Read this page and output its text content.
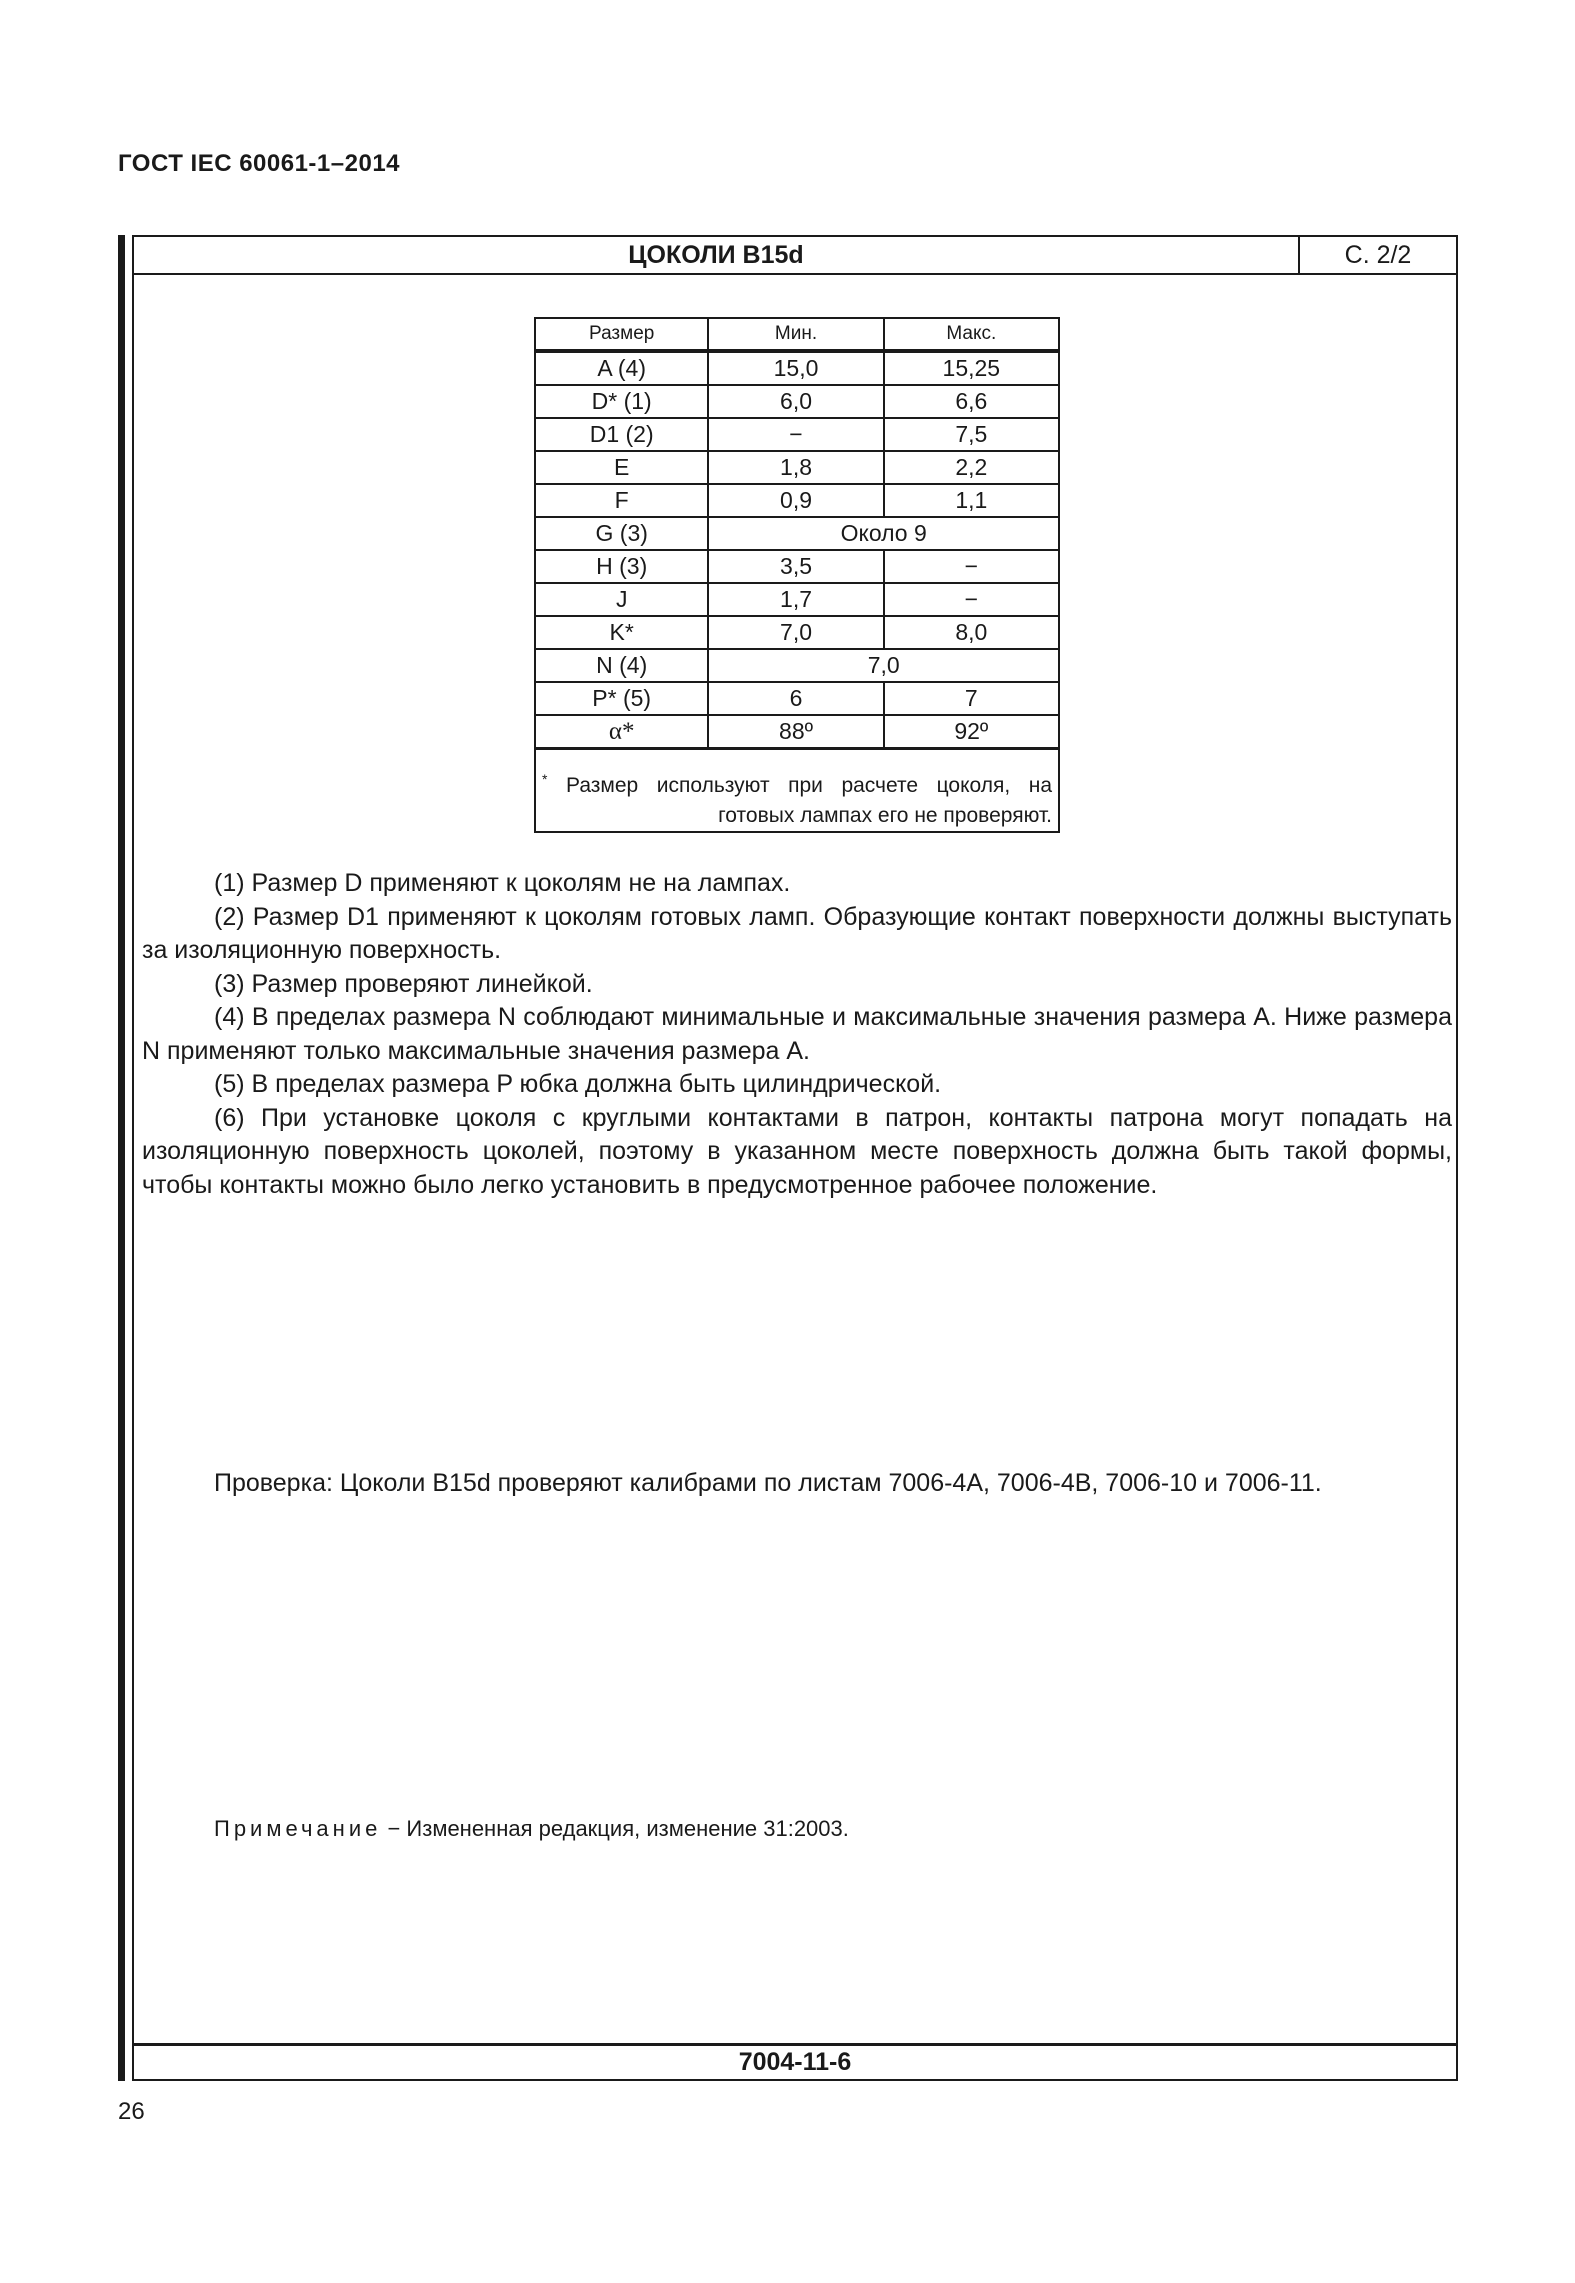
ГОСТ IEC 60061-1–2014
ЦОКОЛИ B15d	С. 2/2
Размер	Мин.	Макс.
A (4)	15,0	15,25
D* (1)	6,0	6,6
D1 (2)	−	7,5
E	1,8	2,2
F	0,9	1,1
G (3)	Около 9	
H (3)	3,5	−
J	1,7	−
K*	7,0	8,0
N (4)	7,0	
P* (5)	6	7
α*	88º	92º
* Размер используют при расчете цоколя, на готовых лампах его не проверяют.		

(1) Размер D применяют к цоколям не на лампах.

(2) Размер D1 применяют к цоколям готовых ламп. Образующие контакт поверхности должны выступать за изоляционную поверхность.

(3) Размер проверяют линейкой.

(4) В пределах размера N соблюдают минимальные и максимальные значения размера A. Ниже размера N применяют только максимальные значения размера A.

(5) В пределах размера P юбка должна быть цилиндрической.

(6) При установке цоколя с круглыми контактами в патрон, контакты патрона могут попадать на изоляционную поверхность цоколей, поэтому в указанном месте поверхность должна быть такой формы, чтобы контакты можно было легко установить в предусмотренное рабочее положение.

Проверка: Цоколи B15d проверяют калибрами по листам 7006-4A, 7006-4B, 7006-10 и 7006-11.
Примечание − Измененная редакция, изменение 31:2003.
7004-11-6
26
